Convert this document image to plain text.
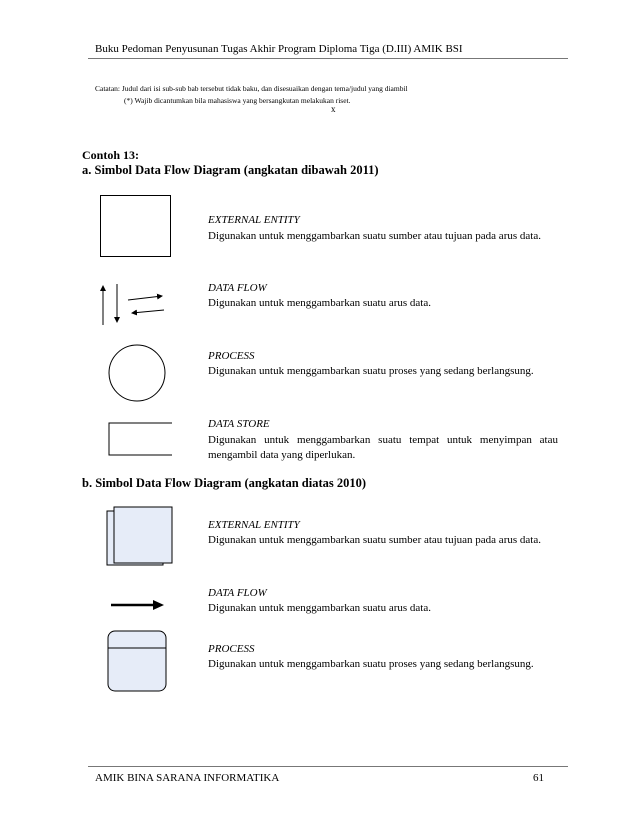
Buku Pedoman Penyusunan Tugas Akhir Program Diploma Tiga (D.III) AMIK BSI
Catatan: Judul dari isi sub-sub bab tersebut tidak baku, dan disesuaikan dengan tema/judul yang diambil
(*) Wajib dicantumkan bila mahasiswa yang bersangkutan melakukan riset.
x
Contoh 13:
a. Simbol Data Flow Diagram (angkatan dibawah 2011)
EXTERNAL ENTITY
Digunakan untuk menggambarkan suatu sumber atau tujuan pada arus data.
DATA FLOW
Digunakan untuk menggambarkan suatu arus data.
PROCESS
Digunakan untuk menggambarkan suatu proses yang sedang berlangsung.
DATA STORE
Digunakan untuk menggambarkan suatu tempat untuk menyimpan atau
mengambil data yang diperlukan.
b. Simbol Data Flow Diagram (angkatan diatas 2010)
EXTERNAL ENTITY
Digunakan untuk menggambarkan suatu sumber atau tujuan pada arus data.
DATA FLOW
Digunakan untuk menggambarkan suatu arus data.
PROCESS
Digunakan untuk menggambarkan suatu proses yang sedang berlangsung.
AMIK BINA SARANA INFORMATIKA	61
